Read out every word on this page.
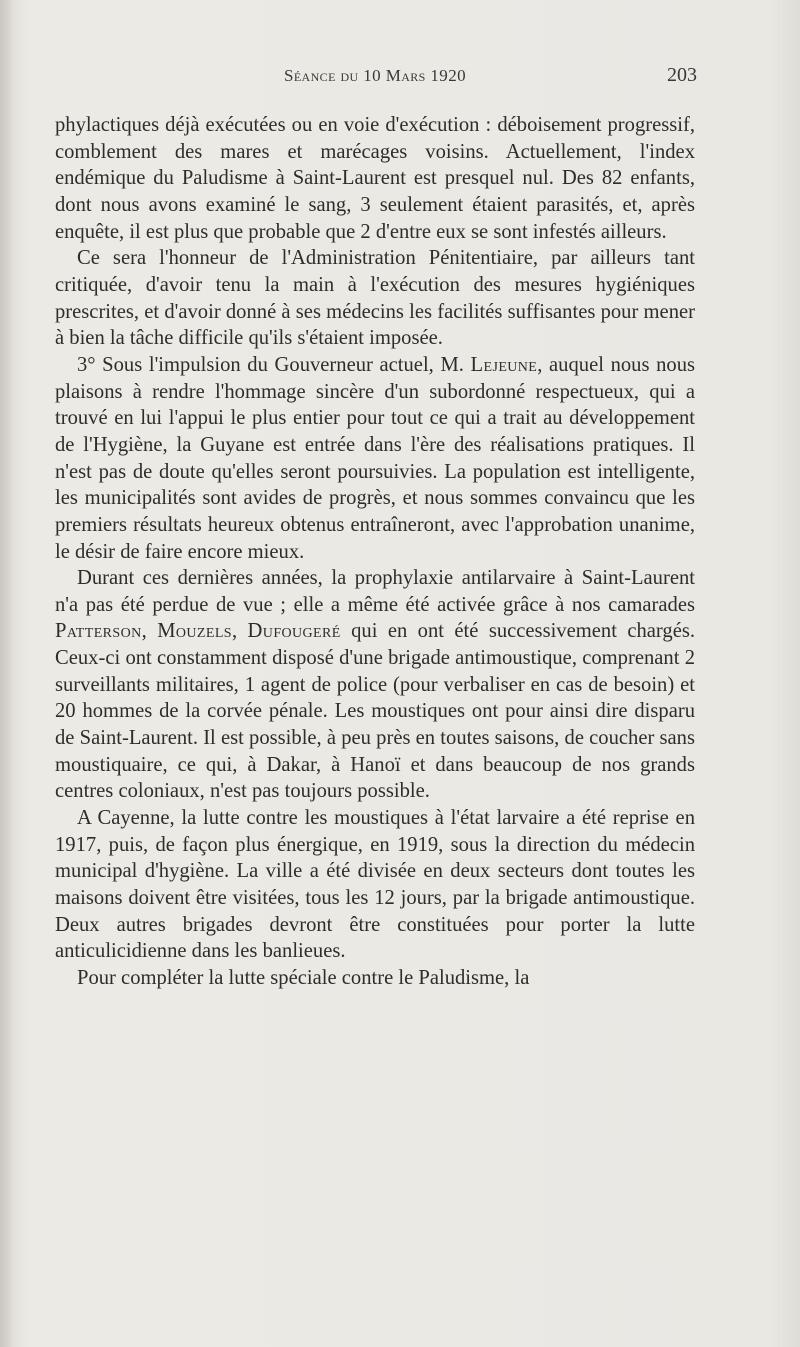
Séance du 10 Mars 1920	203

phylactiques déjà exécutées ou en voie d'exécution : déboisement progressif, comblement des mares et marécages voisins. Actuellement, l'index endémique du Paludisme à Saint-Laurent est presquel nul. Des 82 enfants, dont nous avons examiné le sang, 3 seulement étaient parasités, et, après enquête, il est plus que probable que 2 d'entre eux se sont infestés ailleurs.

Ce sera l'honneur de l'Administration Pénitentiaire, par ailleurs tant critiquée, d'avoir tenu la main à l'exécution des mesures hygiéniques prescrites, et d'avoir donné à ses médecins les facilités suffisantes pour mener à bien la tâche difficile qu'ils s'étaient imposée.

3° Sous l'impulsion du Gouverneur actuel, M. Lejeune, auquel nous nous plaisons à rendre l'hommage sincère d'un subordonné respectueux, qui a trouvé en lui l'appui le plus entier pour tout ce qui a trait au développement de l'Hygiène, la Guyane est entrée dans l'ère des réalisations pratiques. Il n'est pas de doute qu'elles seront poursuivies. La population est intelligente, les municipalités sont avides de progrès, et nous sommes convaincu que les premiers résultats heureux obtenus entraîneront, avec l'approbation unanime, le désir de faire encore mieux.

Durant ces dernières années, la prophylaxie antilarvaire à Saint-Laurent n'a pas été perdue de vue ; elle a même été activée grâce à nos camarades Patterson, Mouzels, Dufougeré qui en ont été successivement chargés. Ceux-ci ont constamment disposé d'une brigade antimoustique, comprenant 2 surveillants militaires, 1 agent de police (pour verbaliser en cas de besoin) et 20 hommes de la corvée pénale. Les moustiques ont pour ainsi dire disparu de Saint-Laurent. Il est possible, à peu près en toutes saisons, de coucher sans moustiquaire, ce qui, à Dakar, à Hanoï et dans beaucoup de nos grands centres coloniaux, n'est pas toujours possible.

A Cayenne, la lutte contre les moustiques à l'état larvaire a été reprise en 1917, puis, de façon plus énergique, en 1919, sous la direction du médecin municipal d'hygiène. La ville a été divisée en deux secteurs dont toutes les maisons doivent être visitées, tous les 12 jours, par la brigade antimoustique. Deux autres brigades devront être constituées pour porter la lutte anticulicidienne dans les banlieues.

Pour compléter la lutte spéciale contre le Paludisme, la
